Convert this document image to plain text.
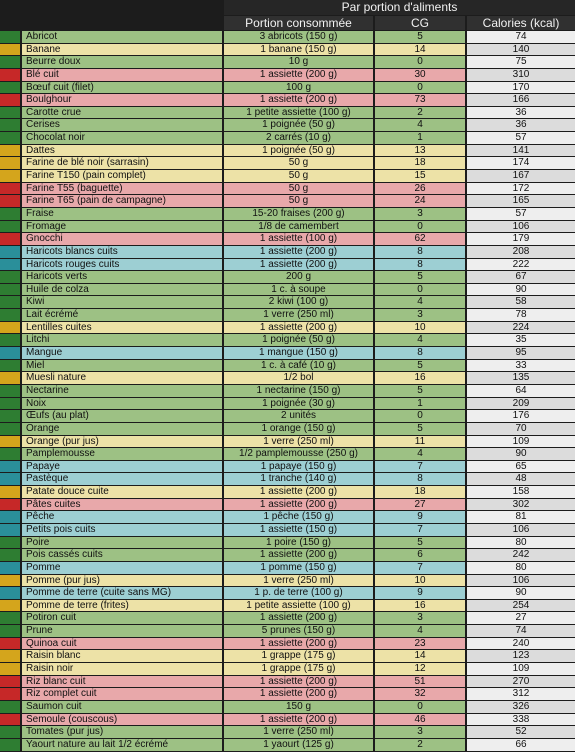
Par portion d'aliments
Portion consommée	CG	Calories (kcal)
Abricot	3 abricots (150 g)	5	74
Banane	1 banane (150 g)	14	140
Beurre doux	10 g	0	75
Blé cuit	1 assiette (200 g)	30	310
Bœuf cuit (filet)	100 g	0	170
Boulghour	1 assiette (200 g)	73	166
Carotte crue	1 petite assiette (100 g)	2	36
Cerises	1 poignée (50 g)	4	36
Chocolat noir	2 carrés (10 g)	1	57
Dattes	1 poignée (50 g)	13	141
Farine de blé noir (sarrasin)	50 g	18	174
Farine T150 (pain complet)	50 g	15	167
Farine T55 (baguette)	50 g	26	172
Farine T65 (pain de campagne)	50 g	24	165
Fraise	15-20 fraises (200 g)	3	57
Fromage	1/8 de camembert	0	106
Gnocchi	1 assiette (100 g)	62	179
Haricots blancs cuits	1 assiette (200 g)	8	208
Haricots rouges cuits	1 assiette (200 g)	8	222
Haricots verts	200 g	5	67
Huile de colza	1 c. à soupe	0	90
Kiwi	2 kiwi (100 g)	4	58
Lait écrémé	1 verre (250 ml)	3	78
Lentilles cuites	1 assiette (200 g)	10	224
Litchi	1 poignée (50 g)	4	35
Mangue	1 mangue (150 g)	8	95
Miel	1 c. à café (10 g)	5	33
Muesli nature	1/2 bol	16	135
Nectarine	1 nectarine (150 g)	5	64
Noix	1 poignée (30 g)	1	209
Œufs (au plat)	2 unités	0	176
Orange	1 orange (150 g)	5	70
Orange (pur jus)	1 verre (250 ml)	11	109
Pamplemousse	1/2 pamplemousse (250 g)	4	90
Papaye	1 papaye (150 g)	7	65
Pastèque	1 tranche (140 g)	8	48
Patate douce cuite	1 assiette (200 g)	18	158
Pâtes cuites	1 assiette (200 g)	27	302
Pêche	1 pêche (150 g)	9	81
Petits pois cuits	1 assiette (150 g)	7	106
Poire	1 poire (150 g)	5	80
Pois cassés cuits	1 assiette (200 g)	6	242
Pomme	1 pomme (150 g)	7	80
Pomme (pur jus)	1 verre (250 ml)	10	106
Pomme de terre (cuite sans MG)	1 p. de terre (100 g)	9	90
Pomme de terre (frites)	1 petite assiette (100 g)	16	254
Potiron cuit	1 assiette (200 g)	3	27
Prune	5 prunes (150 g)	4	74
Quinoa cuit	1 assiette (200 g)	23	240
Raisin blanc	1 grappe (175 g)	14	123
Raisin noir	1 grappe (175 g)	12	109
Riz blanc cuit	1 assiette (200 g)	51	270
Riz complet cuit	1 assiette (200 g)	32	312
Saumon cuit	150 g	0	326
Semoule (couscous)	1 assiette (200 g)	46	338
Tomates (pur jus)	1 verre (250 ml)	3	52
Yaourt nature au lait 1/2 écrémé	1 yaourt (125 g)	2	66
